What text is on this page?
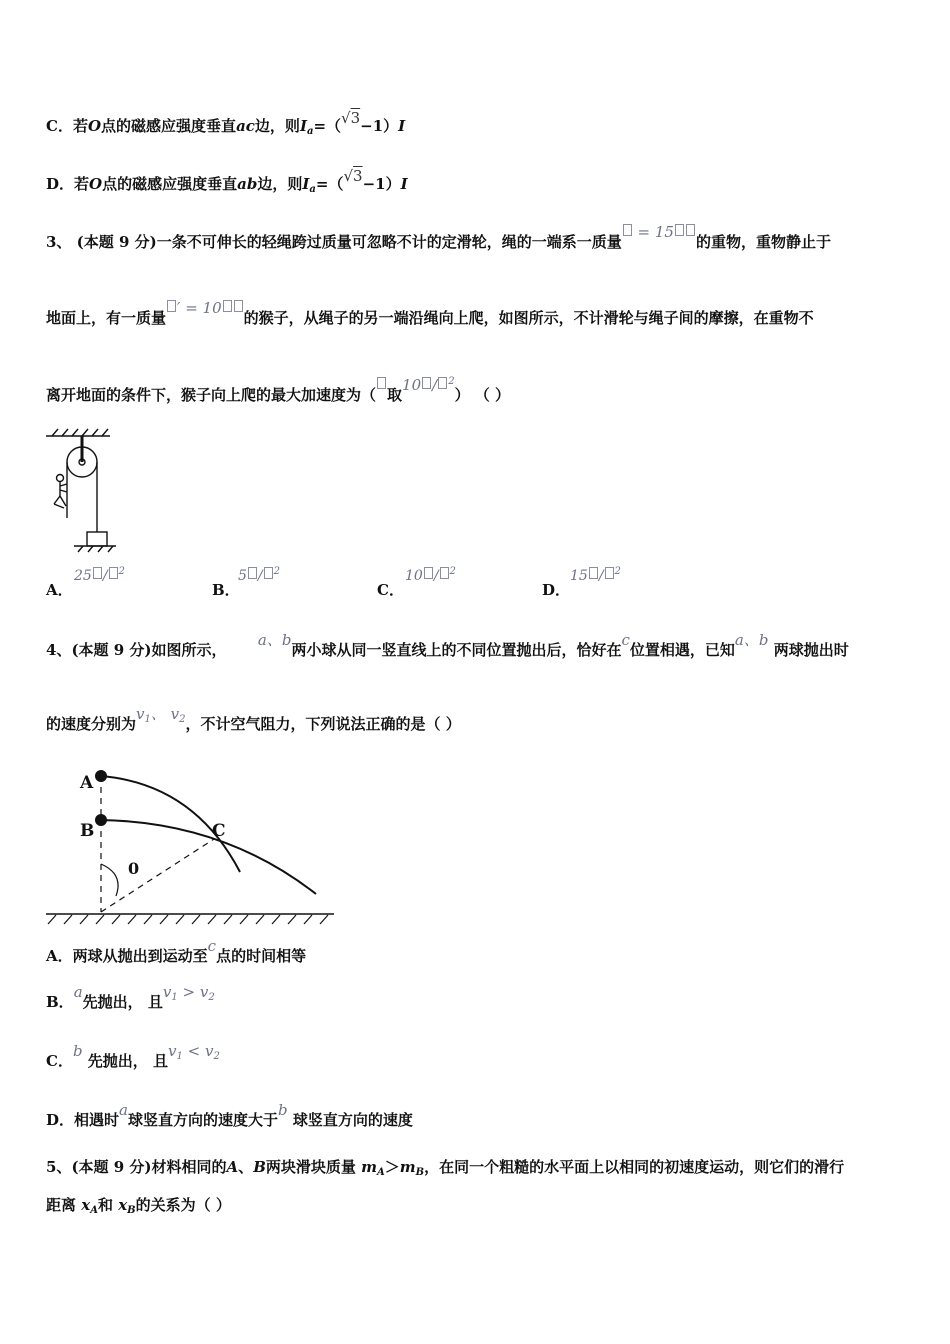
C．若O点的磁感应强度垂直ac边，则$I_a=(√3-1)I$
D．若O点的磁感应强度垂直ab边，则$I_a=(√3-1)I$
3、 (本题 9 分)一条不可伸长的轻绳跨过质量可忽略不计的定滑轮，绳的一端系一质量 = 15的重物，重物静止于
地面上，有一质量′ = 10的猴子，从绳子的另一端沿绳向上爬，如图所示，不计滑轮与绳子间的摩擦，在重物不
离开地面的条件下，猴子向上爬的最大加速度为（ 取10 / $^2$） （ ）
A．
25 / $^2$
B．
5 / $^2$
C．
10 / $^2$
D．
15 / $^2$
4、(本题 9 分)如图所示，      a、b两小球从同一竖直线上的不同位置抛出后，恰好在c位置相遇，已知a、b 两球抛出时
的速度分别为$v_1$、 $v_2$，不计空气阻力，下列说法正确的是（ ）
A
B	C
0
A．两球从抛出到运动至c点的时间相等
B．a先抛出， 且$v_1 > v_2$
C．b 先抛出， 且$v_1 < v_2$
D．相遇时a球竖直方向的速度大于b 球竖直方向的速度
5、(本题 9 分)材料相同的A、B两块滑块质量 $m_A>m_B$，在同一个粗糙的水平面上以相同的初速度运动，则它们的滑行
距离 $x_A$和 $x_B$的关系为（ ）
